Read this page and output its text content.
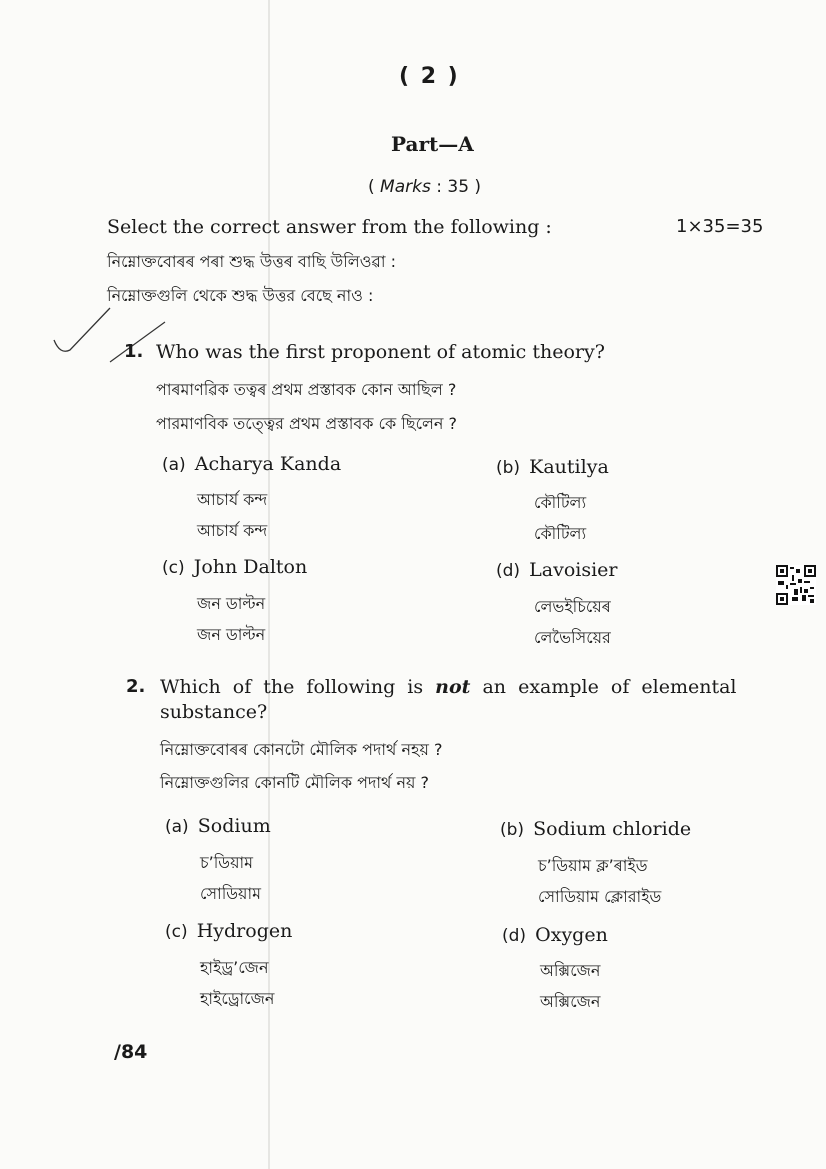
( 2 )
Part—A
( Marks : 35 )
Select the correct answer from the following :	1×35=35
নিম্নোক্তবোৰৰ পৰা শুদ্ধ উত্তৰ বাছি উলিওৱা :
নিম্নোক্তগুলি থেকে শুদ্ধ উত্তর বেছে নাও :
1. Who was the first proponent of atomic theory?
পাৰমাণৱিক তত্বৰ প্ৰথম প্ৰস্তাবক কোন আছিল ?
পারমাণবিক তত্ত্বের প্রথম প্রস্তাবক কে ছিলেন ?
(a) Acharya Kanda
আচাৰ্য কন্দ
আচার্য কন্দ
(b) Kautilya
কৌটিল্য
কৌটিল্য
(c) John Dalton
জন ডাল্টন
জন ডাল্টন
(d) Lavoisier
লেভইচিয়েৰ
লেভৈসিয়ের
2. Which of the following is not an example of elemental
substance?
নিম্নোক্তবোৰৰ কোনটো মৌলিক পদাৰ্থ নহয় ?
নিম্নোক্তগুলির কোনটি মৌলিক পদার্থ নয় ?
(a) Sodium
চ’ডিয়াম
সোডিয়াম
(b) Sodium chloride
চ’ডিয়াম ক্ল’ৰাইড
সোডিয়াম ক্লোরাইড
(c) Hydrogen
হাইড্ৰ’জেন
হাইড্রোজেন
(d) Oxygen
অক্সিজেন
অক্সিজেন
/84
